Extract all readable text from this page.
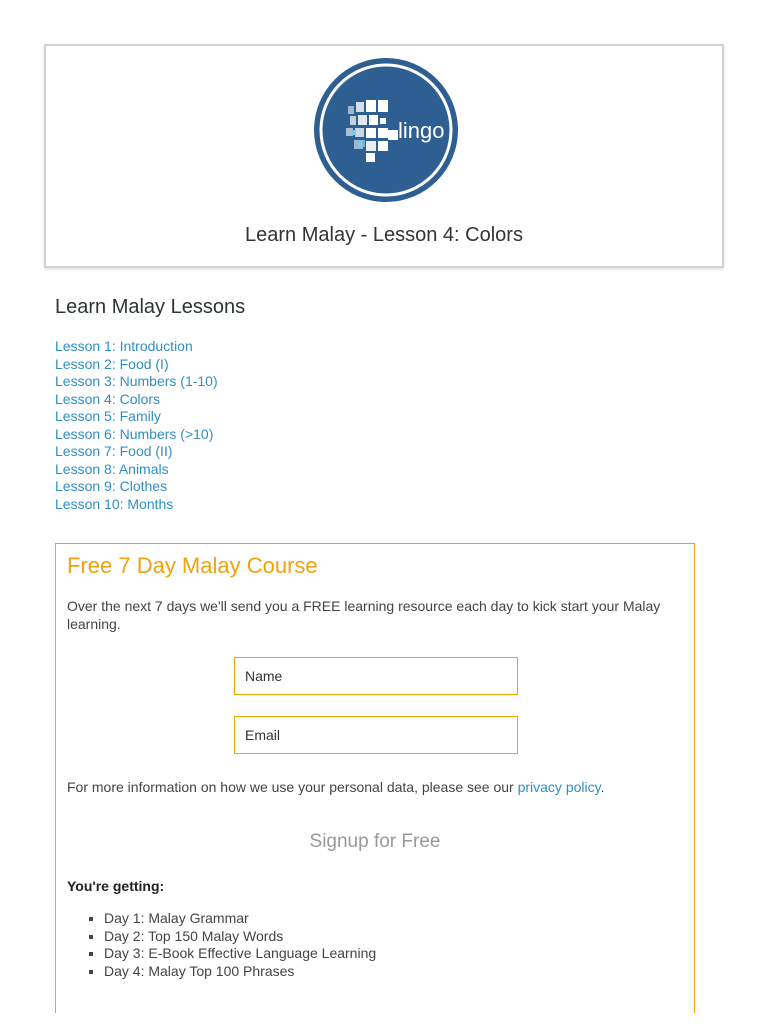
lingo
Learn Malay - Lesson 4: Colors
Learn Malay Lessons
Lesson 1: Introduction
Lesson 2: Food (I)
Lesson 3: Numbers (1-10)
Lesson 4: Colors
Lesson 5: Family
Lesson 6: Numbers (>10)
Lesson 7: Food (II)
Lesson 8: Animals
Lesson 9: Clothes
Lesson 10: Months
Free 7 Day Malay Course

Over the next 7 days we'll send you a FREE learning resource each day to kick start your Malay learning.

Name
Email

For more information on how we use your personal data, please see our privacy policy.

Signup for Free

You're getting:

Day 1: Malay Grammar
Day 2: Top 150 Malay Words
Day 3: E-Book Effective Language Learning
Day 4: Malay Top 100 Phrases
